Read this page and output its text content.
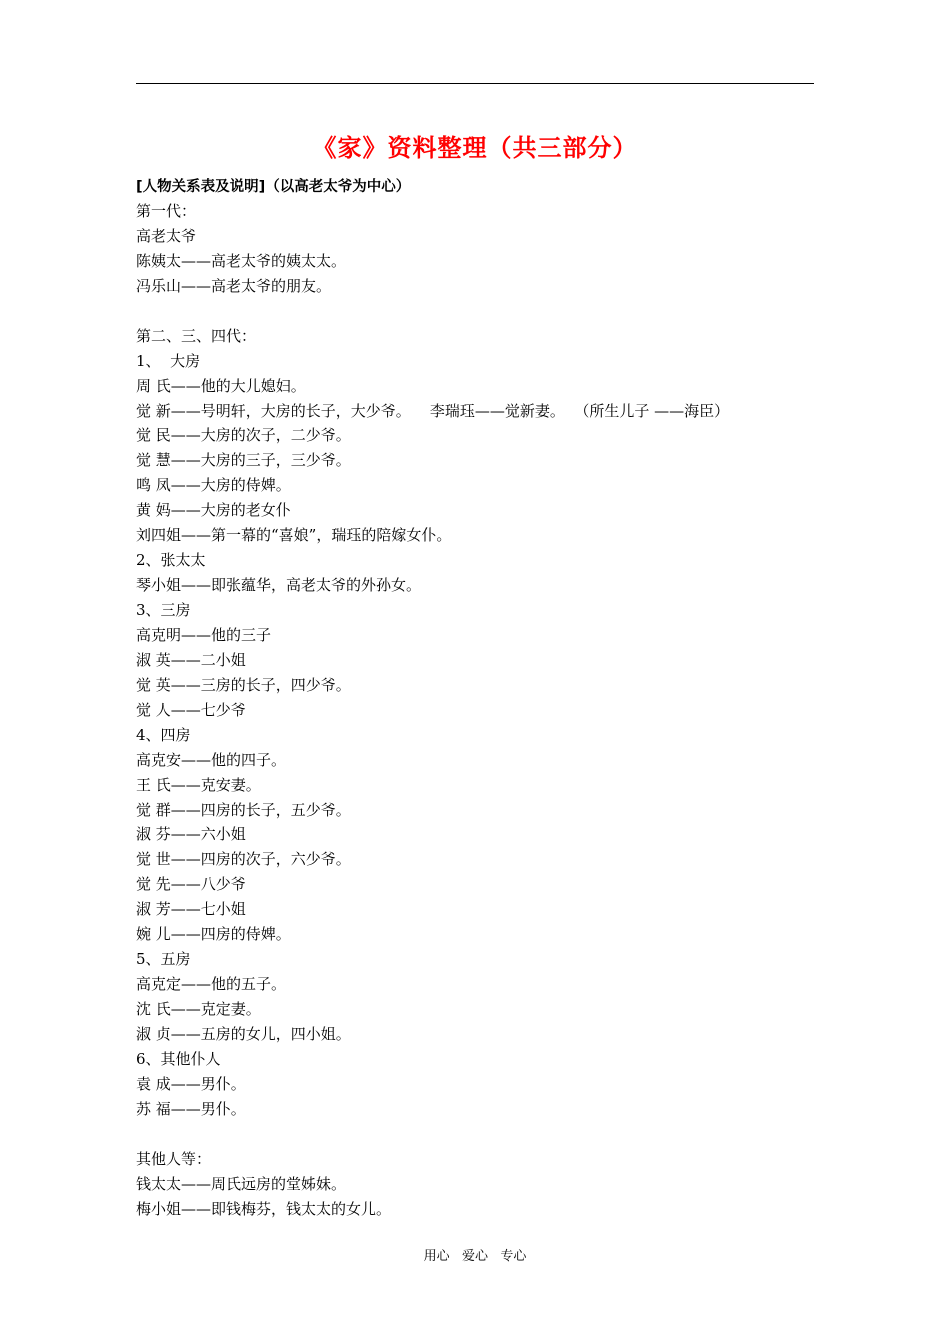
《家》资料整理（共三部分）
[人物关系表及说明]（以高老太爷为中心）
第一代：
高老太爷
陈姨太——高老太爷的姨太太。
冯乐山——高老太爷的朋友。
第二、三、四代：
1、  大房
周 氏——他的大儿媳妇。
觉 新——号明轩，大房的长子，大少爷。    李瑞珏——觉新妻。  （所生儿子 ——海臣）
觉 民——大房的次子，二少爷。
觉 慧——大房的三子，三少爷。
鸣 凤——大房的侍婢。
黄 妈——大房的老女仆
刘四姐——第一幕的“喜娘”，瑞珏的陪嫁女仆。
2、张太太
琴小姐——即张蕴华，高老太爷的外孙女。
3、三房
高克明——他的三子
淑 英——二小姐
觉 英——三房的长子，四少爷。
觉 人——七少爷
4、四房
高克安——他的四子。
王 氏——克安妻。
觉 群——四房的长子，五少爷。
淑 芬——六小姐
觉 世——四房的次子，六少爷。
觉 先——八少爷
淑 芳——七小姐
婉 儿——四房的侍婢。
5、五房
高克定——他的五子。
沈 氏——克定妻。
淑 贞——五房的女儿，四小姐。
6、其他仆人
袁 成——男仆。
苏 福——男仆。
其他人等：
钱太太——周氏远房的堂姊妹。
梅小姐——即钱梅芬，钱太太的女儿。
用心   爱心   专心
